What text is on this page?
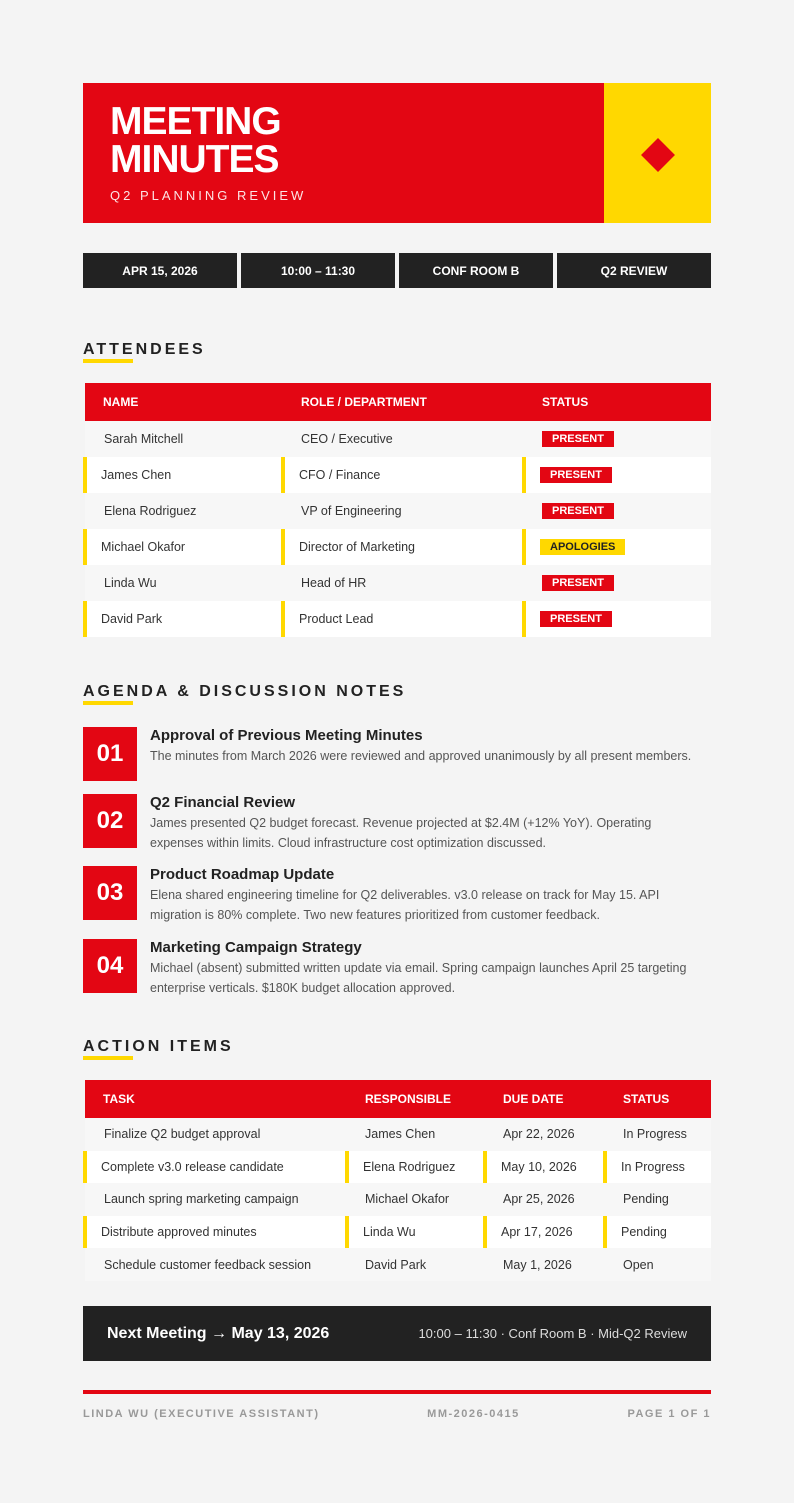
MEETING
MINUTES
Q2 PLANNING REVIEW
APR 15, 2026	10:00 – 11:30	CONF ROOM B	Q2 REVIEW
ATTENDEES
NAME	ROLE / DEPARTMENT	STATUS
Sarah Mitchell	CEO / Executive	PRESENT
James Chen	CFO / Finance	PRESENT
Elena Rodriguez	VP of Engineering	PRESENT
Michael Okafor	Director of Marketing	APOLOGIES
Linda Wu	Head of HR	PRESENT
David Park	Product Lead	PRESENT
AGENDA & DISCUSSION NOTES
01
Approval of Previous Meeting Minutes
The minutes from March 2026 were reviewed and approved unanimously by all present members.
02
Q2 Financial Review
James presented Q2 budget forecast. Revenue projected at $2.4M (+12% YoY). Operating expenses within limits. Cloud infrastructure cost optimization discussed.
03
Product Roadmap Update
Elena shared engineering timeline for Q2 deliverables. v3.0 release on track for May 15. API migration is 80% complete. Two new features prioritized from customer feedback.
04
Marketing Campaign Strategy
Michael (absent) submitted written update via email. Spring campaign launches April 25 targeting enterprise verticals. $180K budget allocation approved.
ACTION ITEMS
TASK	RESPONSIBLE	DUE DATE	STATUS
Finalize Q2 budget approval	James Chen	Apr 22, 2026	In Progress
Complete v3.0 release candidate	Elena Rodriguez	May 10, 2026	In Progress
Launch spring marketing campaign	Michael Okafor	Apr 25, 2026	Pending
Distribute approved minutes	Linda Wu	Apr 17, 2026	Pending
Schedule customer feedback session	David Park	May 1, 2026	Open
Next Meeting → May 13, 2026	10:00 – 11:30 · Conf Room B · Mid-Q2 Review
LINDA WU (EXECUTIVE ASSISTANT)	MM-2026-0415	PAGE 1 OF 1
